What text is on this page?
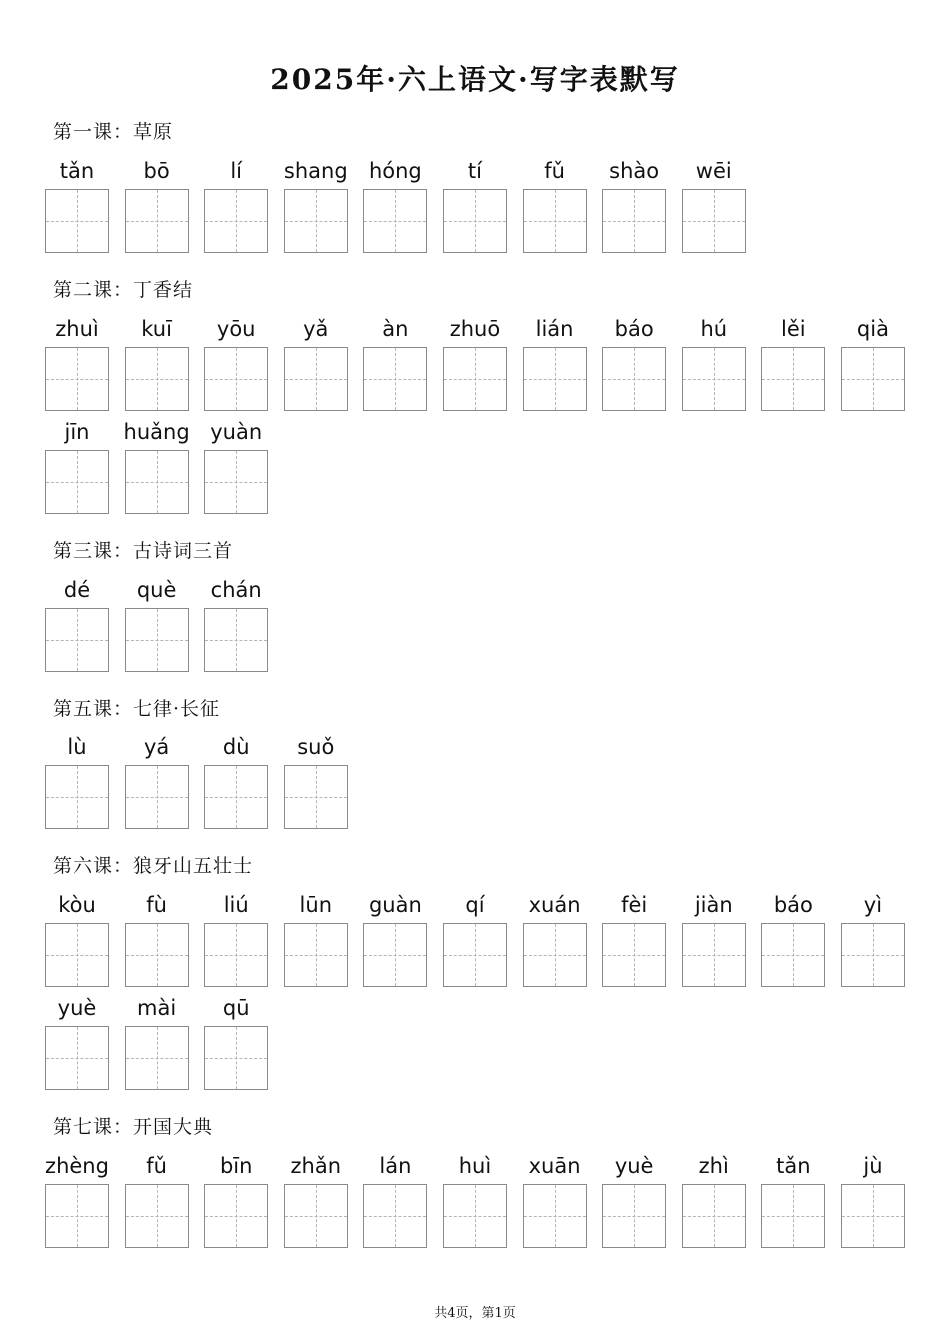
2025年·六上语文·写字表默写
第一课：草原
tǎn bō	lí shang hóng tí	fǔ shào wēi
第二课：丁香结
zhuì kuī yōu yǎ	àn zhuō lián báo hú	lěi qià
jīn huǎng yuàn
第三课：古诗词三首
dé què chán
第五课：七律·长征
lù	yá	dù suǒ
第六课：狼牙山五壮士
kòu fù	liú lūn guàn qí xuán fèi jiàn báo yì
yuè mài qū
第七课：开国大典
zhèng fǔ	bīn zhǎn lán huì xuān yuè zhì tǎn	jù
共4页，第1页
